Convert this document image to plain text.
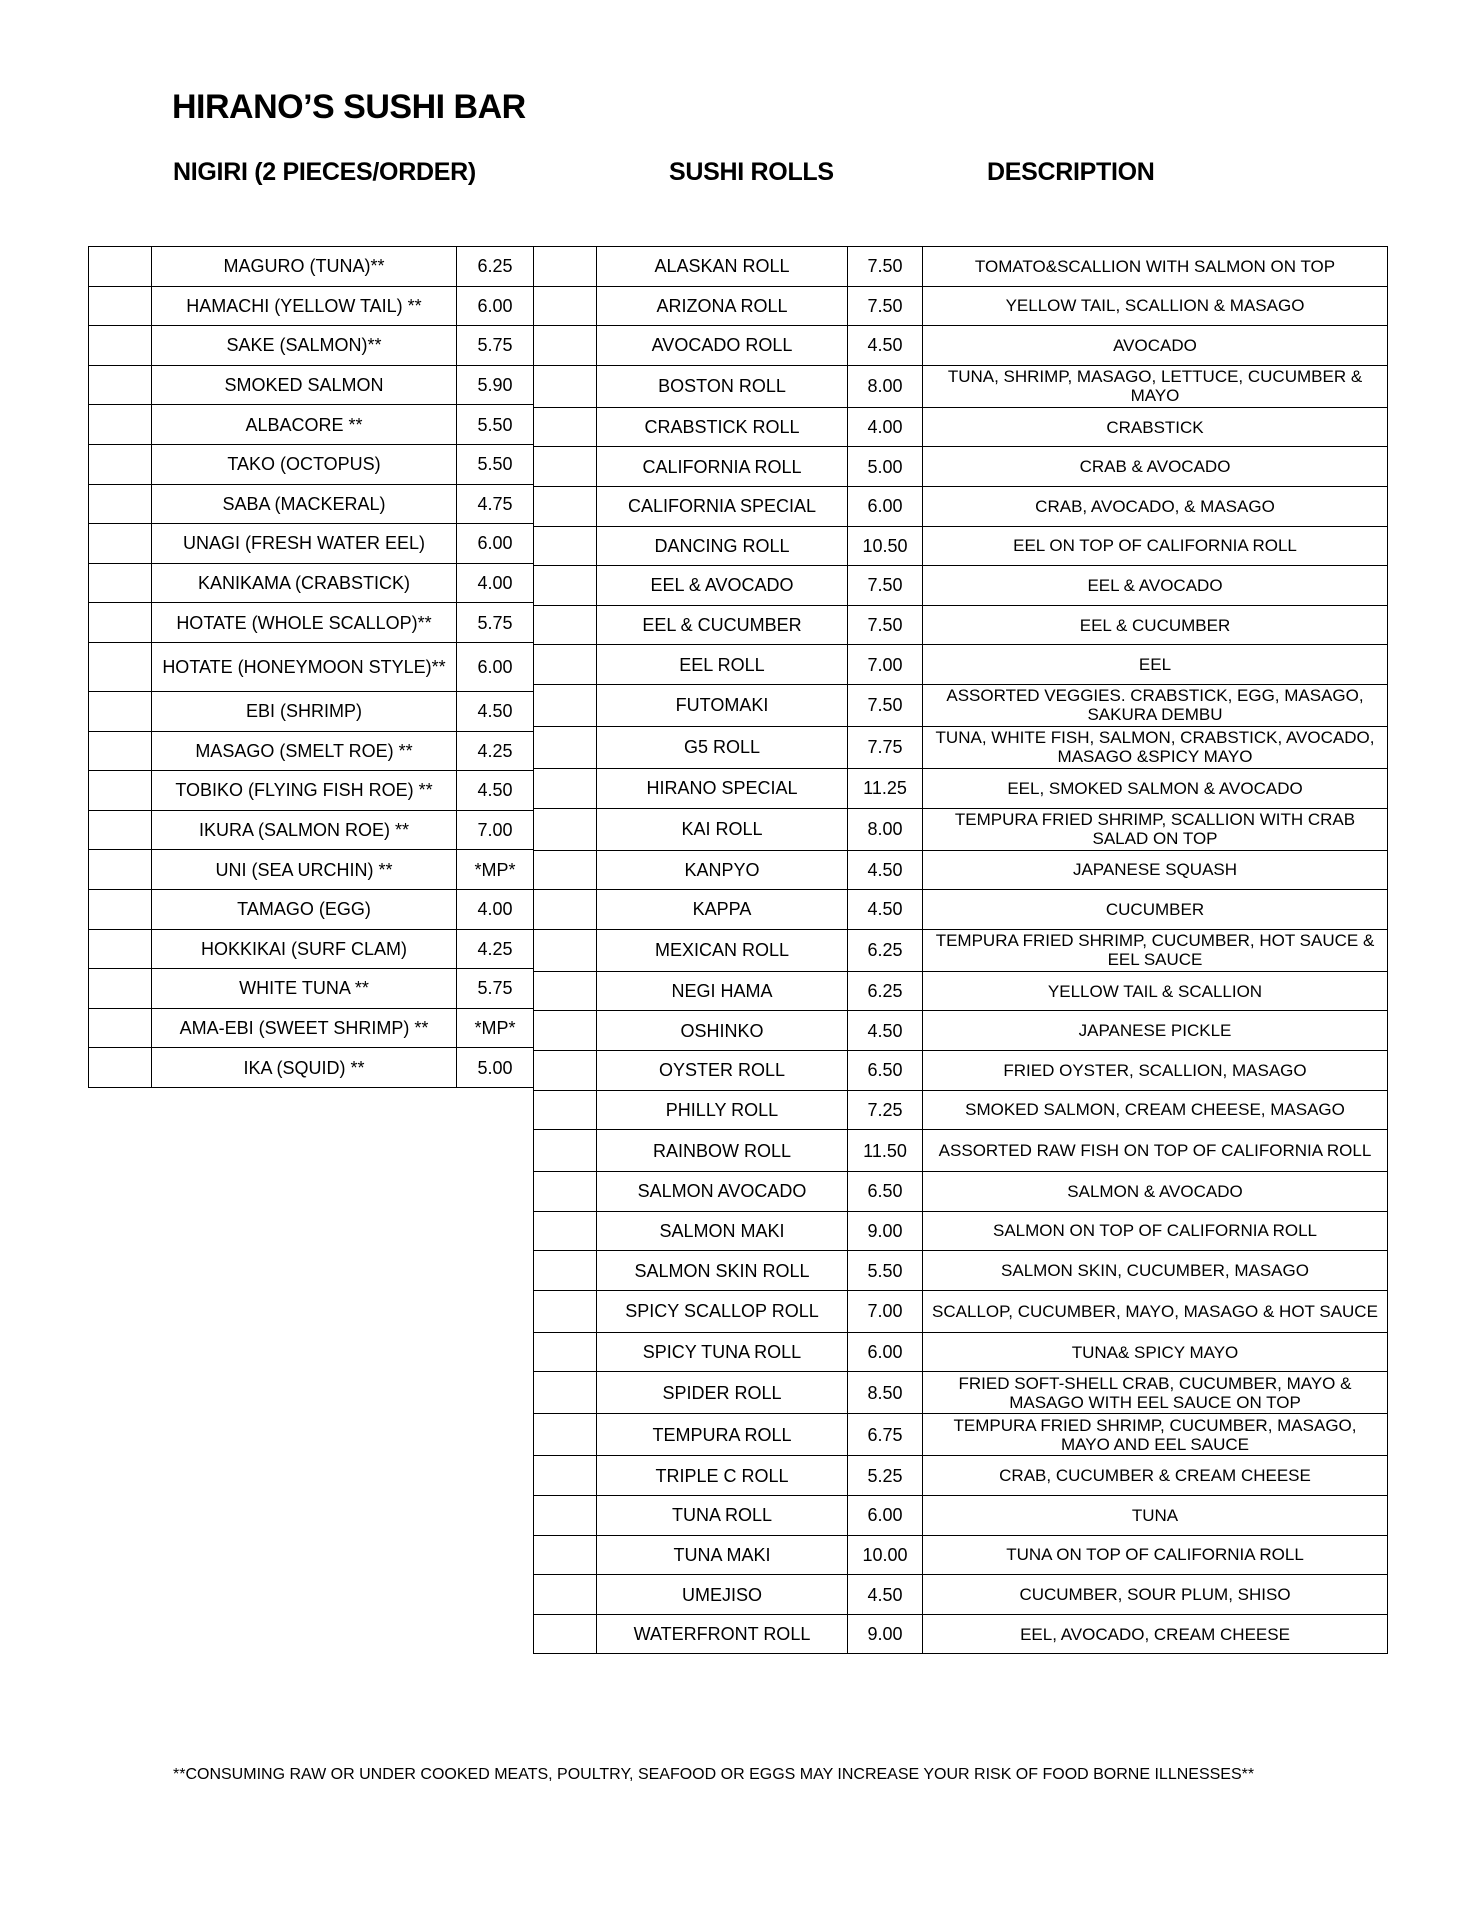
HIRANO’S SUSHI BAR
NIGIRI (2 PIECES/ORDER)	SUSHI ROLLS	DESCRIPTION
	MAGURO (TUNA)**	6.25
	HAMACHI (YELLOW TAIL) **	6.00
	SAKE (SALMON)**	5.75
	SMOKED SALMON	5.90
	ALBACORE **	5.50
	TAKO (OCTOPUS)	5.50
	SABA (MACKERAL)	4.75
	UNAGI (FRESH WATER EEL)	6.00
	KANIKAMA (CRABSTICK)	4.00
	HOTATE (WHOLE SCALLOP)**	5.75
	HOTATE (HONEYMOON STYLE)**	6.00
	EBI (SHRIMP)	4.50
	MASAGO (SMELT ROE) **	4.25
	TOBIKO (FLYING FISH ROE) **	4.50
	IKURA (SALMON ROE) **	7.00
	UNI (SEA URCHIN) **	*MP*
	TAMAGO (EGG)	4.00
	HOKKIKAI (SURF CLAM)	4.25
	WHITE TUNA **	5.75
	AMA-EBI (SWEET SHRIMP) **	*MP*
	IKA (SQUID) **	5.00
	ALASKAN ROLL	7.50	TOMATO&SCALLION WITH SALMON ON TOP
	ARIZONA ROLL	7.50	YELLOW TAIL, SCALLION & MASAGO
	AVOCADO ROLL	4.50	AVOCADO
	BOSTON ROLL	8.00	TUNA, SHRIMP, MASAGO, LETTUCE, CUCUMBER & MAYO
	CRABSTICK ROLL	4.00	CRABSTICK
	CALIFORNIA ROLL	5.00	CRAB & AVOCADO
	CALIFORNIA SPECIAL	6.00	CRAB, AVOCADO, & MASAGO
	DANCING ROLL	10.50	EEL ON TOP OF CALIFORNIA ROLL
	EEL & AVOCADO	7.50	EEL & AVOCADO
	EEL & CUCUMBER	7.50	EEL & CUCUMBER
	EEL ROLL	7.00	EEL
	FUTOMAKI	7.50	ASSORTED VEGGIES. CRABSTICK, EGG, MASAGO, SAKURA DEMBU
	G5 ROLL	7.75	TUNA, WHITE FISH, SALMON, CRABSTICK, AVOCADO, MASAGO &SPICY MAYO
	HIRANO SPECIAL	11.25	EEL, SMOKED SALMON & AVOCADO
	KAI ROLL	8.00	TEMPURA FRIED SHRIMP, SCALLION WITH CRAB SALAD ON TOP
	KANPYO	4.50	JAPANESE SQUASH
	KAPPA	4.50	CUCUMBER
	MEXICAN ROLL	6.25	TEMPURA FRIED SHRIMP, CUCUMBER, HOT SAUCE & EEL SAUCE
	NEGI HAMA	6.25	YELLOW TAIL & SCALLION
	OSHINKO	4.50	JAPANESE PICKLE
	OYSTER ROLL	6.50	FRIED OYSTER, SCALLION, MASAGO
	PHILLY ROLL	7.25	SMOKED SALMON, CREAM CHEESE, MASAGO
	RAINBOW ROLL	11.50	ASSORTED RAW FISH ON TOP OF CALIFORNIA ROLL
	SALMON AVOCADO	6.50	SALMON & AVOCADO
	SALMON MAKI	9.00	SALMON ON TOP OF CALIFORNIA ROLL
	SALMON SKIN ROLL	5.50	SALMON SKIN, CUCUMBER, MASAGO
	SPICY SCALLOP ROLL	7.00	SCALLOP, CUCUMBER, MAYO, MASAGO & HOT SAUCE
	SPICY TUNA ROLL	6.00	TUNA& SPICY MAYO
	SPIDER ROLL	8.50	FRIED SOFT-SHELL CRAB, CUCUMBER, MAYO & MASAGO WITH EEL SAUCE ON TOP
	TEMPURA ROLL	6.75	TEMPURA FRIED SHRIMP, CUCUMBER, MASAGO, MAYO AND EEL SAUCE
	TRIPLE C ROLL	5.25	CRAB, CUCUMBER & CREAM CHEESE
	TUNA ROLL	6.00	TUNA
	TUNA MAKI	10.00	TUNA ON TOP OF CALIFORNIA ROLL
	UMEJISO	4.50	CUCUMBER, SOUR PLUM, SHISO
	WATERFRONT ROLL	9.00	EEL, AVOCADO, CREAM CHEESE
**CONSUMING RAW OR UNDER COOKED MEATS, POULTRY, SEAFOOD OR EGGS MAY INCREASE YOUR RISK OF FOOD BORNE ILLNESSES**
